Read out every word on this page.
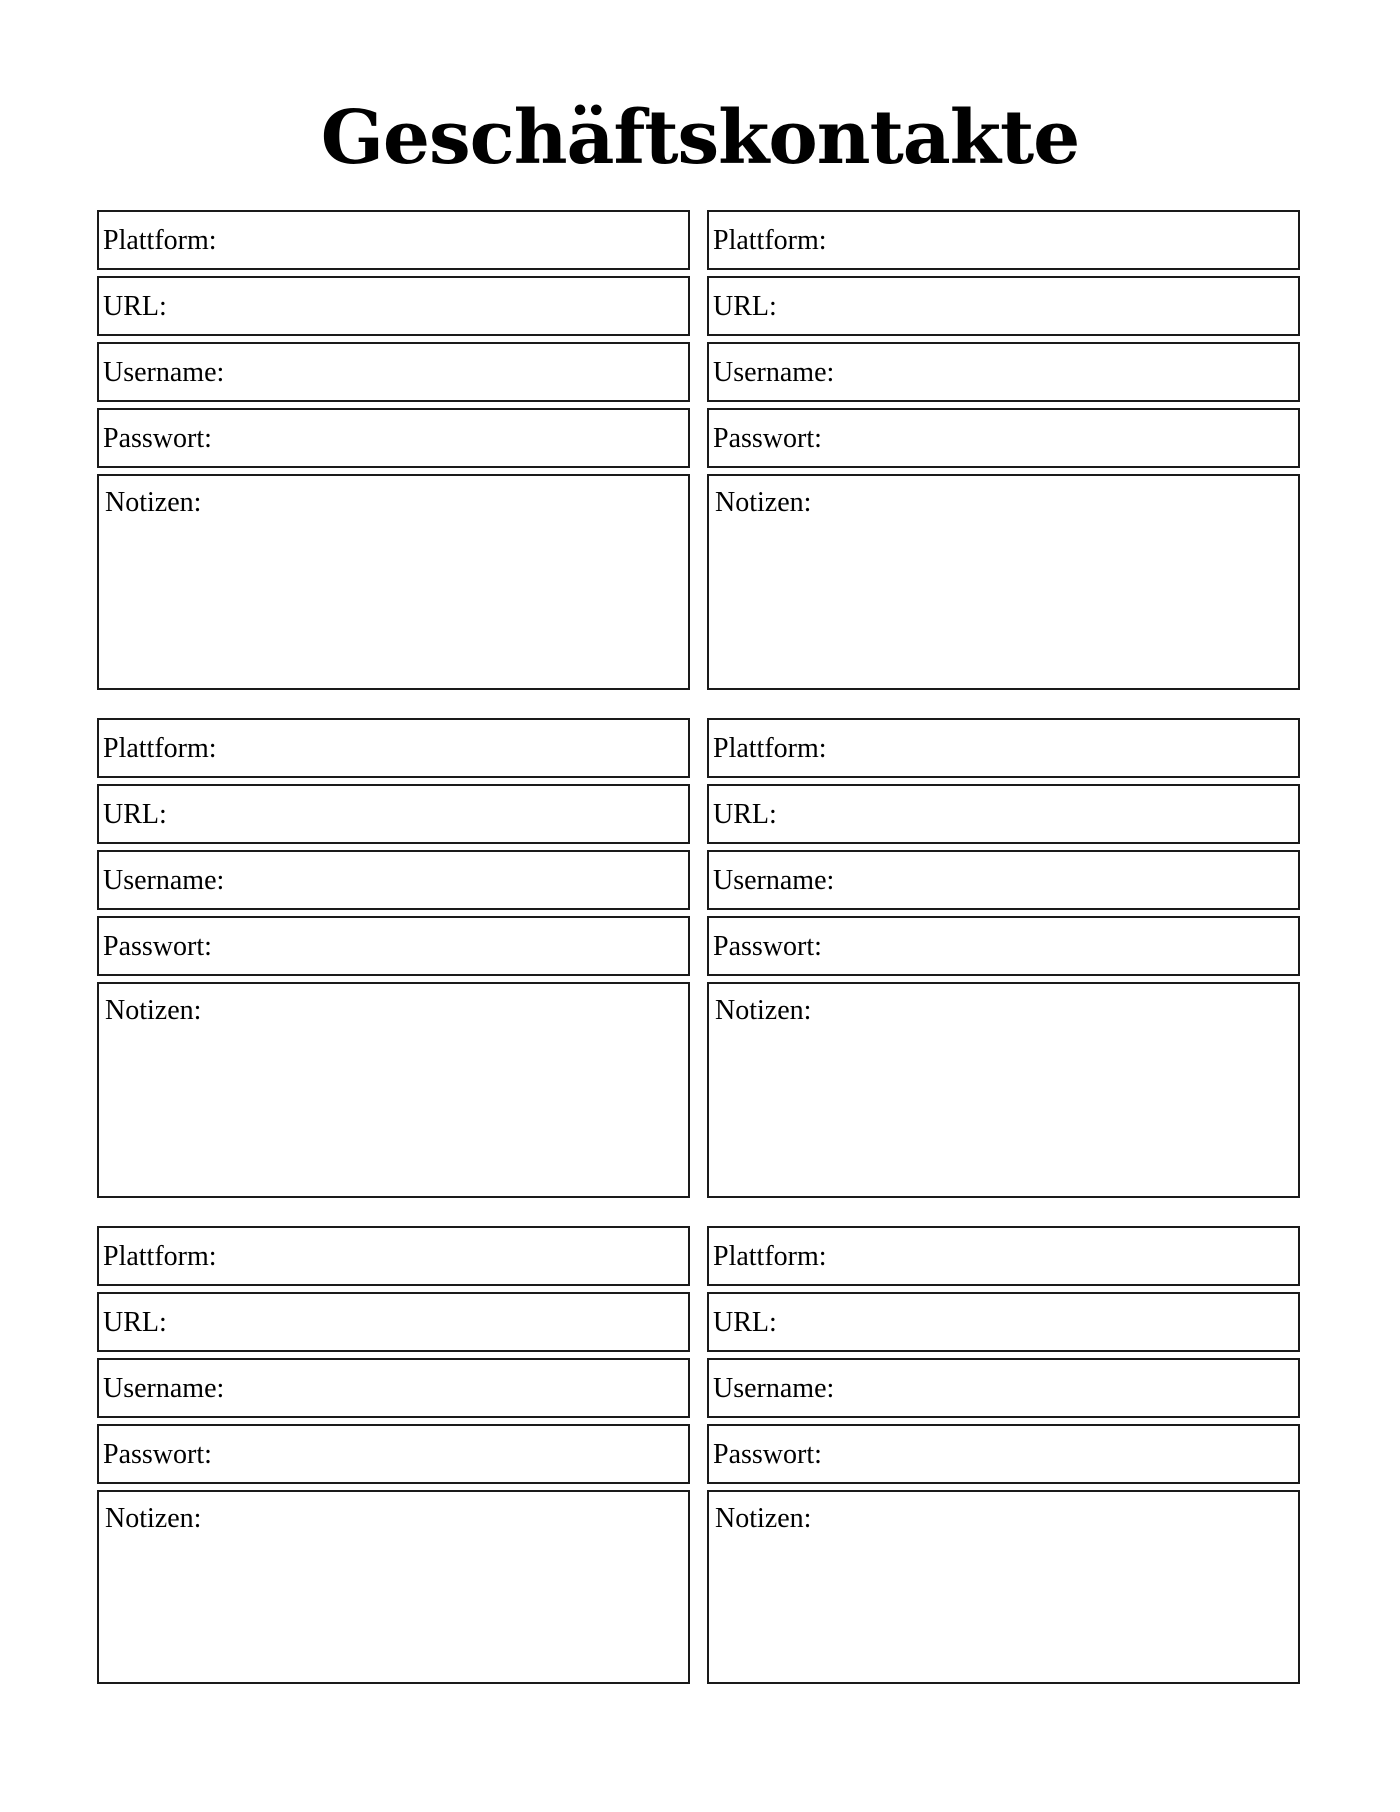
Geschäftskontakte
Plattform:
URL:
Username:
Passwort:
Notizen:
Plattform:
URL:
Username:
Passwort:
Notizen:
Plattform:
URL:
Username:
Passwort:
Notizen:
Plattform:
URL:
Username:
Passwort:
Notizen:
Plattform:
URL:
Username:
Passwort:
Notizen:
Plattform:
URL:
Username:
Passwort:
Notizen:
